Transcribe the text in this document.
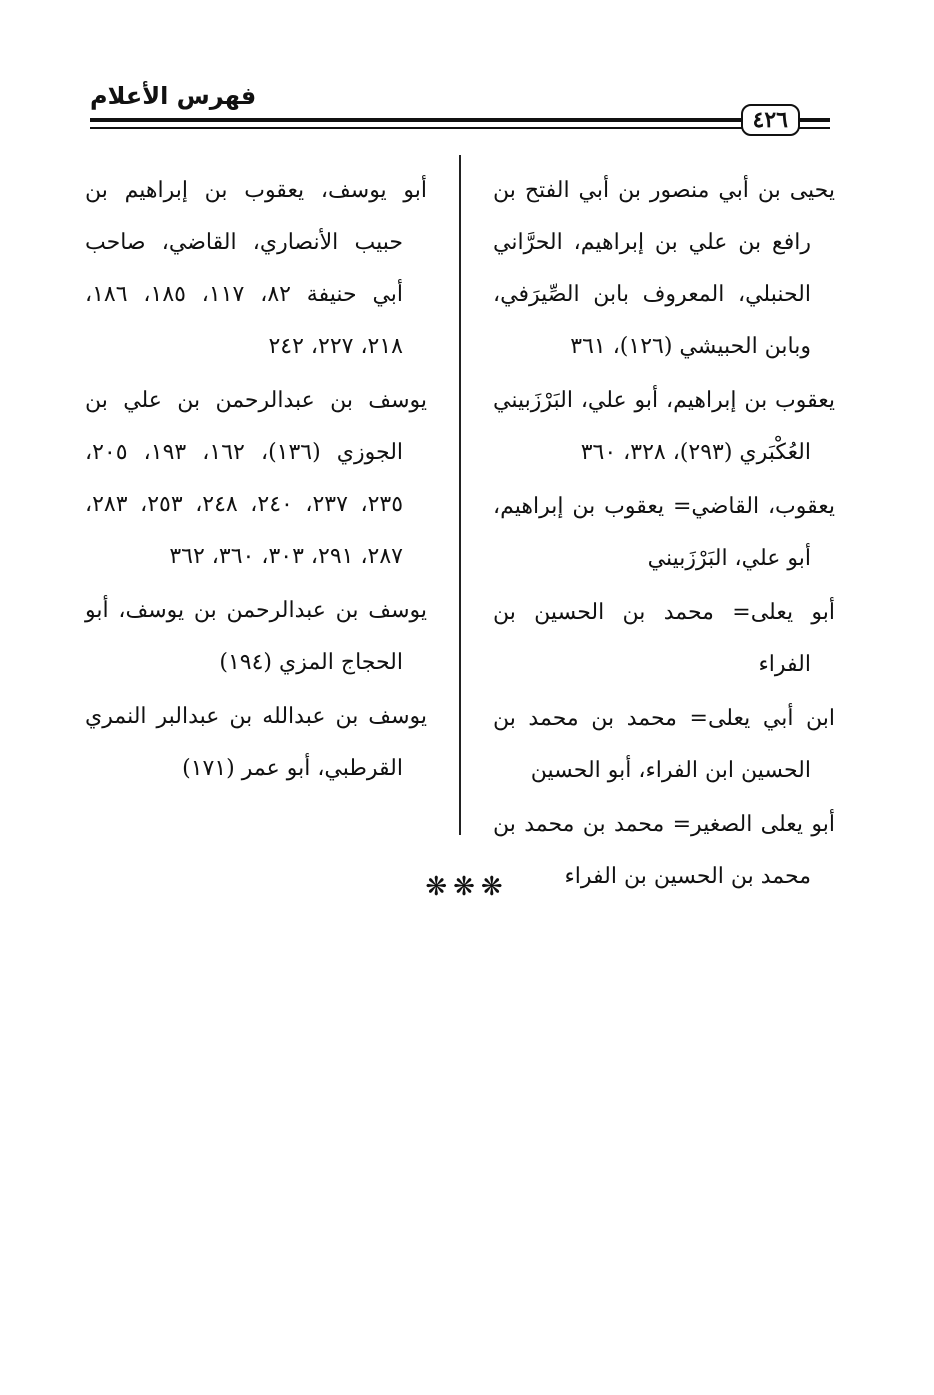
فهرس الأعلام
٤٢٦

يحيى بن أبي منصور بن أبي الفتح بن رافع بن علي بن إبراهيم، الحرَّاني الحنبلي، المعروف بابن الصِّيرَفي، وبابن الحبيشي (١٢٦)، ٣٦١

يعقوب بن إبراهيم، أبو علي، البَرْزَبيني العُكْبَري (٢٩٣)، ٣٢٨، ٣٦٠

يعقوب، القاضي= يعقوب بن إبراهيم، أبو علي، البَرْزَبيني

أبو يعلى= محمد بن الحسين بن الفراء

ابن أبي يعلى= محمد بن محمد بن الحسين ابن الفراء، أبو الحسين

أبو يعلى الصغير= محمد بن محمد بن محمد بن الحسين بن الفراء

أبو يوسف، يعقوب بن إبراهيم بن حبيب الأنصاري، القاضي، صاحب أبي حنيفة ٨٢، ١١٧، ١٨٥، ١٨٦، ٢١٨، ٢٢٧، ٢٤٢

يوسف بن عبدالرحمن بن علي بن الجوزي (١٣٦)، ١٦٢، ١٩٣، ٢٠٥، ٢٣٥، ٢٣٧، ٢٤٠، ٢٤٨، ٢٥٣، ٢٨٣، ٢٨٧، ٢٩١، ٣٠٣، ٣٦٠، ٣٦٢

يوسف بن عبدالرحمن بن يوسف، أبو الحجاج المزي (١٩٤)

يوسف بن عبدالله بن عبدالبر النمري القرطبي، أبو عمر (١٧١)

❋❋❋
